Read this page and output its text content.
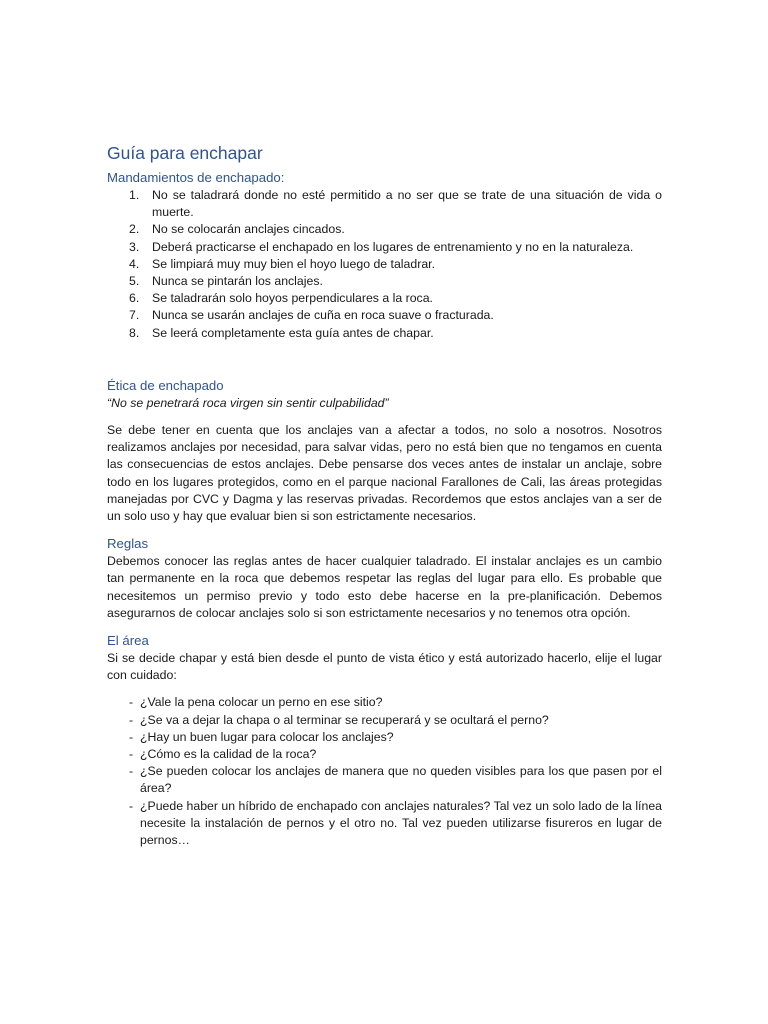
Guía para enchapar
Mandamientos de enchapado:
1. No se taladrará donde no esté permitido a no ser que se trate de una situación de vida o muerte.
2. No se colocarán anclajes cincados.
3. Deberá practicarse el enchapado en los lugares de entrenamiento y no en la naturaleza.
4. Se limpiará muy muy bien el hoyo luego de taladrar.
5. Nunca se pintarán los anclajes.
6. Se taladrarán solo hoyos perpendiculares a la roca.
7. Nunca se usarán anclajes de cuña en roca suave o fracturada.
8. Se leerá completamente esta guía antes de chapar.
Ética de enchapado

“No se penetrará roca virgen sin sentir culpabilidad”

Se debe tener en cuenta que los anclajes van a afectar a todos, no solo a nosotros. Nosotros realizamos anclajes por necesidad, para salvar vidas, pero no está bien que no tengamos en cuenta las consecuencias de estos anclajes. Debe pensarse dos veces antes de instalar un anclaje, sobre todo en los lugares protegidos, como en el parque nacional Farallones de Cali, las áreas protegidas manejadas por CVC y Dagma y las reservas privadas. Recordemos que estos anclajes van a ser de un solo uso y hay que evaluar bien si son estrictamente necesarios.

Reglas

Debemos conocer las reglas antes de hacer cualquier taladrado. El instalar anclajes es un cambio tan permanente en la roca que debemos respetar las reglas del lugar para ello. Es probable que necesitemos un permiso previo y todo esto debe hacerse en la pre-planificación. Debemos asegurarnos de colocar anclajes solo si son estrictamente necesarios y no tenemos otra opción.

El área

Si se decide chapar y está bien desde el punto de vista ético y está autorizado hacerlo, elije el lugar con cuidado:

- ¿Vale la pena colocar un perno en ese sitio?
- ¿Se va a dejar la chapa o al terminar se recuperará y se ocultará el perno?
- ¿Hay un buen lugar para colocar los anclajes?
- ¿Cómo es la calidad de la roca?
- ¿Se pueden colocar los anclajes de manera que no queden visibles para los que pasen por el área?
- ¿Puede haber un híbrido de enchapado con anclajes naturales? Tal vez un solo lado de la línea necesite la instalación de pernos y el otro no. Tal vez pueden utilizarse fisureros en lugar de pernos…
